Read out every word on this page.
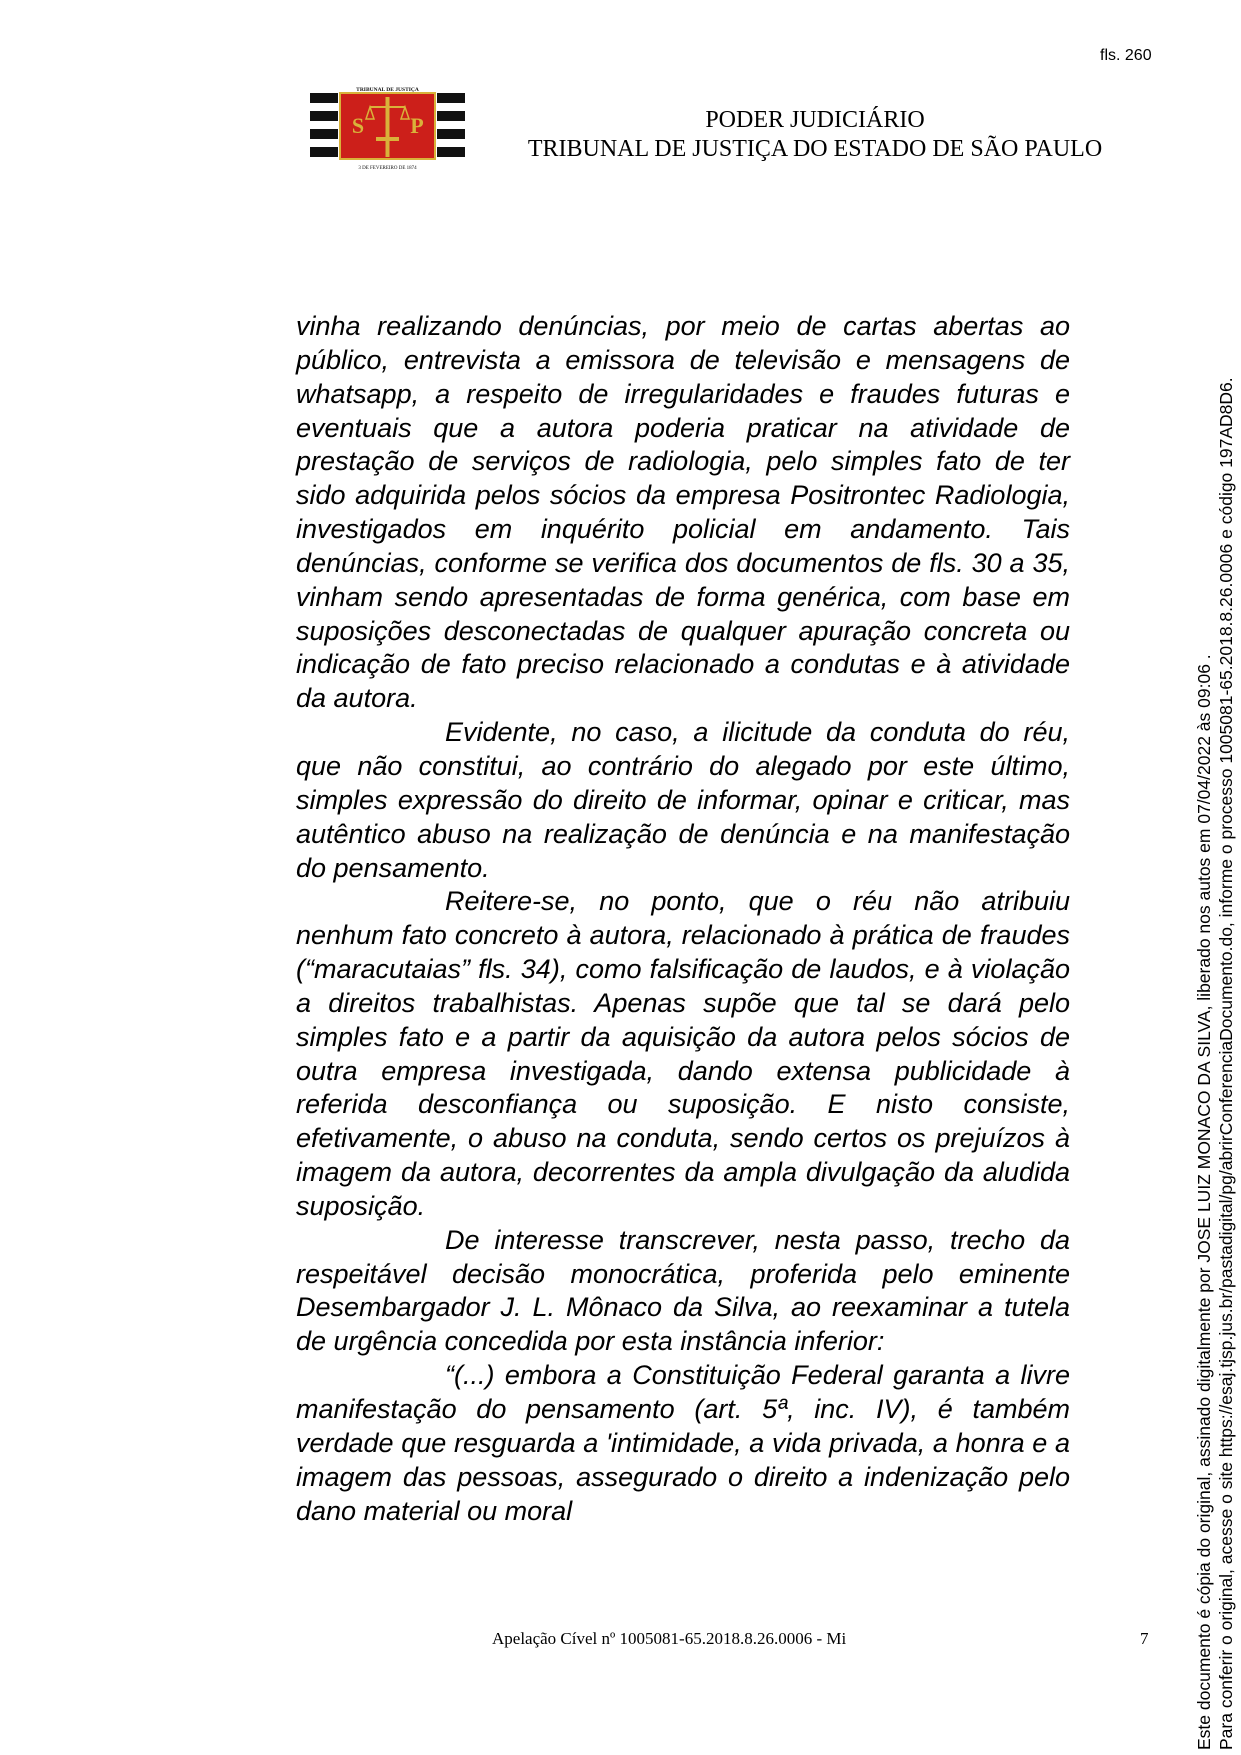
fls. 260
S P
TRIBUNAL DE JUSTIÇA
3 DE FEVEREIRO DE 1874
PODER JUDICIÁRIO
TRIBUNAL DE JUSTIÇA DO ESTADO DE SÃO PAULO

vinha realizando denúncias, por meio de cartas abertas ao público, entrevista a emissora de televisão e mensagens de whatsapp, a respeito de irregularidades e fraudes futuras e eventuais que a autora poderia praticar na atividade de prestação de serviços de radiologia, pelo simples fato de ter sido adquirida pelos sócios da empresa Positrontec Radiologia, investigados em inquérito policial em andamento. Tais denúncias, conforme se verifica dos documentos de fls. 30 a 35, vinham sendo apresentadas de forma genérica, com base em suposições desconectadas de qualquer apuração concreta ou indicação de fato preciso relacionado a condutas e à atividade da autora.

Evidente, no caso, a ilicitude da conduta do réu, que não constitui, ao contrário do alegado por este último, simples expressão do direito de informar, opinar e criticar, mas autêntico abuso na realização de denúncia e na manifestação do pensamento.

Reitere-se, no ponto, que o réu não atribuiu nenhum fato concreto à autora, relacionado à prática de fraudes (“maracutaias” fls. 34), como falsificação de laudos, e à violação a direitos trabalhistas. Apenas supõe que tal se dará pelo simples fato e a partir da aquisição da autora pelos sócios de outra empresa investigada, dando extensa publicidade à referida desconfiança ou suposição. E nisto consiste, efetivamente, o abuso na conduta, sendo certos os prejuízos à imagem da autora, decorrentes da ampla divulgação da aludida suposição.

De interesse transcrever, nesta passo, trecho da respeitável decisão monocrática, proferida pelo eminente Desembargador J. L. Mônaco da Silva, ao reexaminar a tutela de urgência concedida por esta instância inferior:

“(...) embora a Constituição Federal garanta a livre manifestação do pensamento (art. 5ª, inc. IV), é também verdade que resguarda a 'intimidade, a vida privada, a honra e a imagem das pessoas, assegurado o direito a indenização pelo dano material ou moral

Apelação Cível nº 1005081-65.2018.8.26.0006 - Mi	7	Este documento é cópia do original, assinado digitalmente por JOSE LUIZ MONACO DA SILVA, liberado nos autos em 07/04/2022 às 09:06 . Para conferir o original, acesse o site https://esaj.tjsp.jus.br/pastadigital/pg/abrirConferenciaDocumento.do, informe o processo 1005081-65.2018.8.26.0006 e código 197AD8D6.
